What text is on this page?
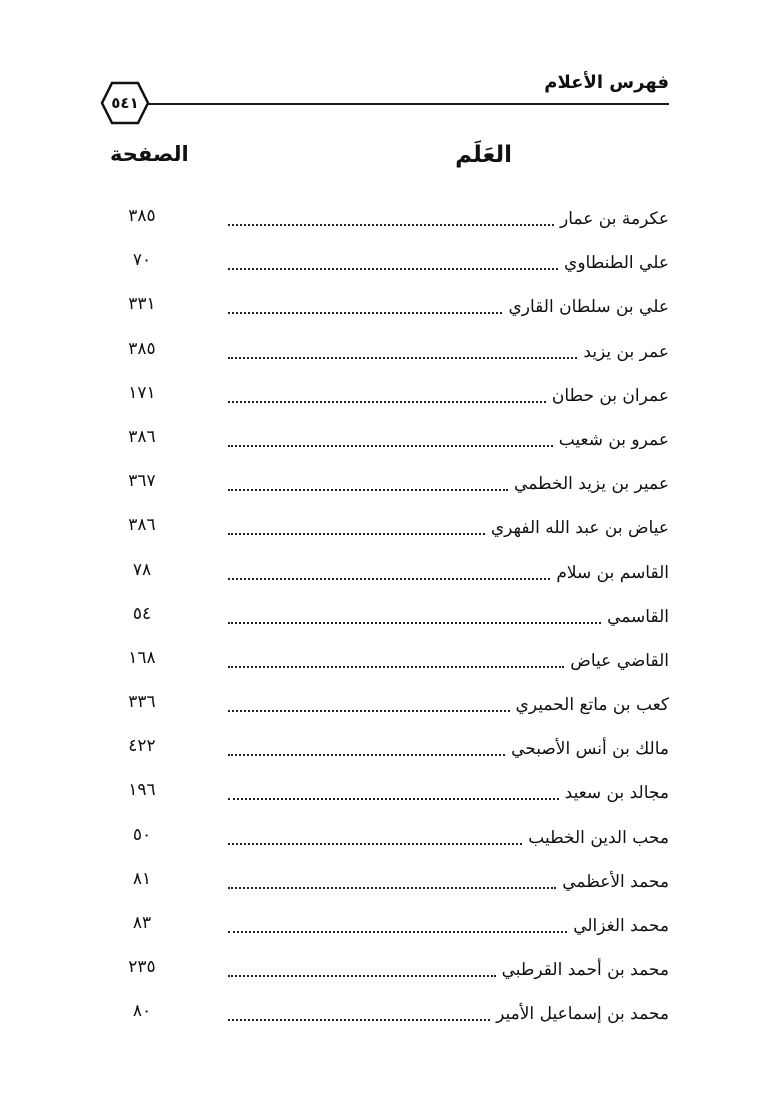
فهرس الأعلام
٥٤١
العَلَم
الصفحة
عكرمة بن عمار
٣٨٥
علي الطنطاوي
٧٠
علي بن سلطان القاري
٣٣١
عمر بن يزيد
٣٨٥
عمران بن حطان
١٧١
عمرو بن شعيب
٣٨٦
عمير بن يزيد الخطمي
٣٦٧
عياض بن عبد الله الفهري
٣٨٦
القاسم بن سلام
٧٨
القاسمي
٥٤
القاضي عياض
١٦٨
كعب بن ماتع الحميري
٣٣٦
مالك بن أنس الأصبحي
٤٢٢
مجالد بن سعيد
١٩٦
محب الدين الخطيب
٥٠
محمد الأعظمي
٨١
محمد الغزالي
٨٣
محمد بن أحمد القرطبي
٢٣٥
محمد بن إسماعيل الأمير
٨٠
